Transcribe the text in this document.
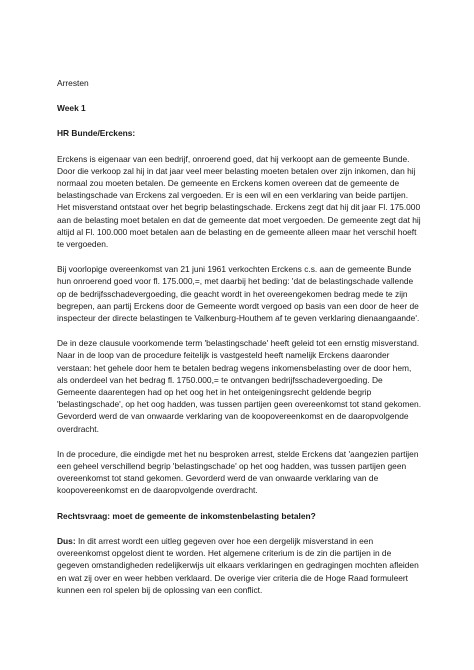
Arresten

Week 1

HR Bunde/Erckens:

Erckens is eigenaar van een bedrijf, onroerend goed, dat hij verkoopt aan de gemeente Bunde. Door die verkoop zal hij in dat jaar veel meer belasting moeten betalen over zijn inkomen, dan hij normaal zou moeten betalen. De gemeente en Erckens komen overeen dat de gemeente de belastingschade van Erckens zal vergoeden. Er is een wil en een verklaring van beide partijen. Het misverstand ontstaat over het begrip belastingschade. Erckens zegt dat hij dit jaar Fl. 175.000 aan de belasting moet betalen en dat de gemeente dat moet vergoeden. De gemeente zegt dat hij altijd al Fl. 100.000 moet betalen aan de belasting en de gemeente alleen maar het verschil hoeft te vergoeden.

Bij voorlopige overeenkomst van 21 juni 1961 verkochten Erckens c.s. aan de gemeente Bunde hun onroerend goed voor fl. 175.000,=, met daarbij het beding: 'dat de belastingschade vallende op de bedrijfsschadevergoeding, die geacht wordt in het overeengekomen bedrag mede te zijn begrepen, aan partij Erckens door de Gemeente wordt vergoed op basis van een door de heer de inspecteur der directe belastingen te Valkenburg-Houthem af te geven verklaring dienaangaande'.

De in deze clausule voorkomende term 'belastingschade' heeft geleid tot een ernstig misverstand. Naar in de loop van de procedure feitelijk is vastgesteld heeft namelijk Erckens daaronder verstaan: het gehele door hem te betalen bedrag wegens inkomensbelasting over de door hem, als onderdeel van het bedrag fl. 1750.000,= te ontvangen bedrijfsschadevergoeding. De Gemeente daarentegen had op het oog het in het onteigeningsrecht geldende begrip 'belastingschade', op het oog hadden, was tussen partijen geen overeenkomst tot stand gekomen. Gevorderd werd de van onwaarde verklaring van de koopovereenkomst en de daaropvolgende overdracht.

In de procedure, die eindigde met het nu besproken arrest, stelde Erckens dat 'aangezien partijen een geheel verschillend begrip 'belastingschade' op het oog hadden, was tussen partijen geen overeenkomst tot stand gekomen. Gevorderd werd de van onwaarde verklaring van de koopovereenkomst en de daaropvolgende overdracht.

Rechtsvraag: moet de gemeente de inkomstenbelasting betalen?

Dus: In dit arrest wordt een uitleg gegeven over hoe een dergelijk misverstand in een overeenkomst opgelost dient te worden. Het algemene criterium is de zin die partijen in de gegeven omstandigheden redelijkerwijs uit elkaars verklaringen en gedragingen mochten afleiden en wat zij over en weer hebben verklaard. De overige vier criteria die de Hoge Raad formuleert kunnen een rol spelen bij de oplossing van een conflict.
